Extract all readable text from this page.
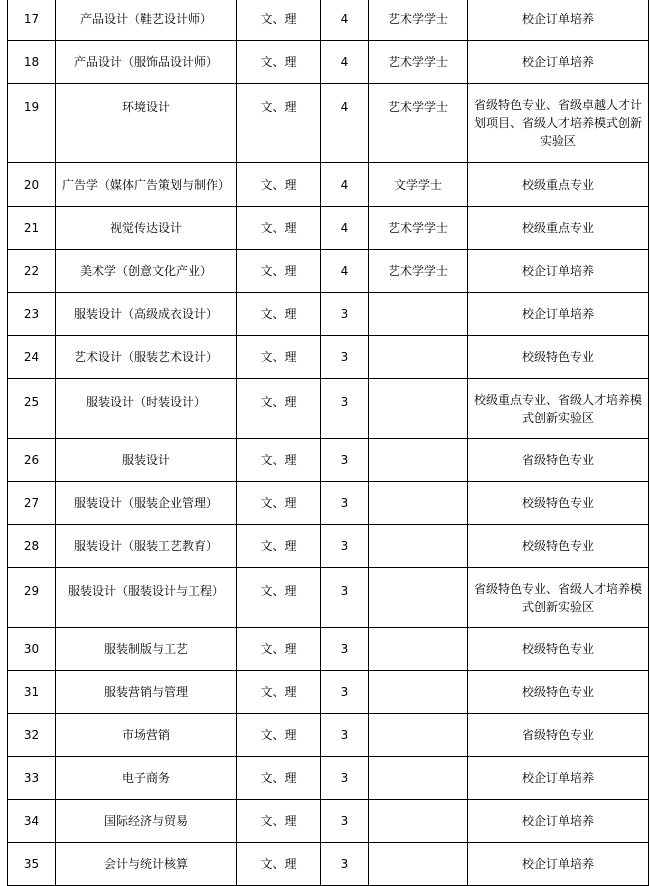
17	产品设计（鞋艺设计师）	文、理	4	艺术学学士	校企订单培养
18	产品设计（服饰品设计师）	文、理	4	艺术学学士	校企订单培养
19	环境设计	文、理	4	艺术学学士	省级特色专业、省级卓越人才计划项目、省级人才培养模式创新实验区
20	广告学（媒体广告策划与制作）	文、理	4	文学学士	校级重点专业
21	视觉传达设计	文、理	4	艺术学学士	校级重点专业
22	美术学（创意文化产业）	文、理	4	艺术学学士	校企订单培养
23	服装设计（高级成衣设计）	文、理	3		校企订单培养
24	艺术设计（服装艺术设计）	文、理	3		校级特色专业
25	服装设计（时装设计）	文、理	3		校级重点专业、省级人才培养模式创新实验区
26	服装设计	文、理	3		省级特色专业
27	服装设计（服装企业管理）	文、理	3		校级特色专业
28	服装设计（服装工艺教育）	文、理	3		校级特色专业
29	服装设计（服装设计与工程）	文、理	3		省级特色专业、省级人才培养模式创新实验区
30	服装制版与工艺	文、理	3		校级特色专业
31	服装营销与管理	文、理	3		校级特色专业
32	市场营销	文、理	3		省级特色专业
33	电子商务	文、理	3		校企订单培养
34	国际经济与贸易	文、理	3		校企订单培养
35	会计与统计核算	文、理	3		校企订单培养
